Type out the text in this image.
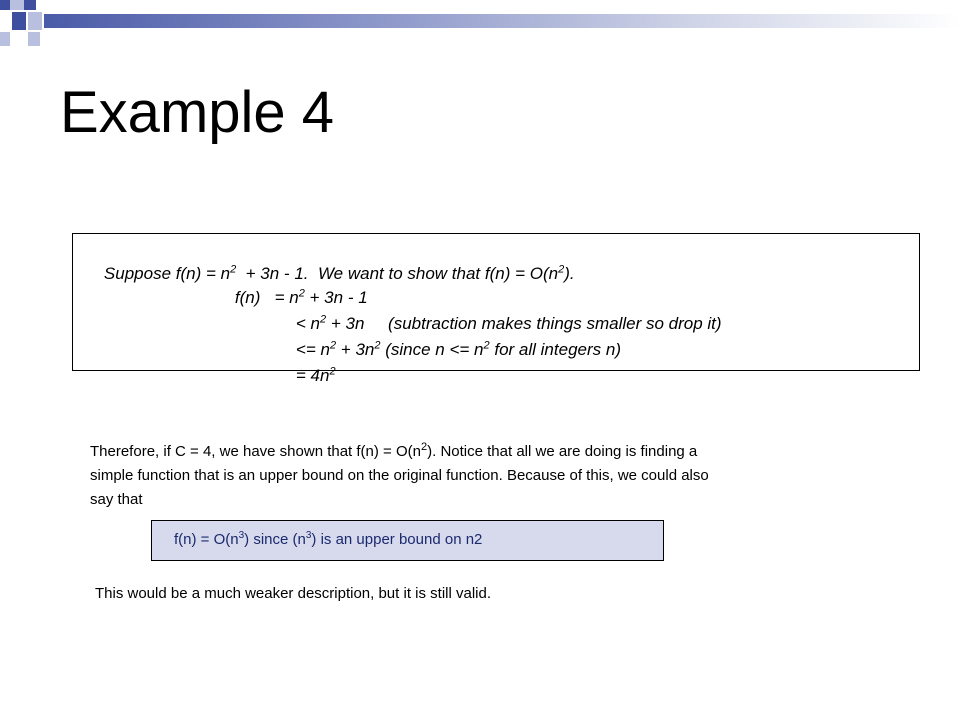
Example 4

Suppose $f(n) = n^2 + 3n - 1$.  We want to show that $f(n) = O(n^2)$.

$f(n) = n^2 + 3n - 1$

< $n^2 + 3n$     (subtraction makes things smaller so drop it)

<= $n^2 + 3n^2$ (since $n <= n^2$ for all integers n)

= $4n^2$

Therefore, if C = 4, we have shown that $f(n) = O(n^2)$. Notice that all we are doing is finding a
simple function that is an upper bound on the original function. Because of this, we could also
say that

$f(n) = O(n^3)$ since $(n^3)$ is an upper bound on n2
This would be a much weaker description, but it is still valid.
